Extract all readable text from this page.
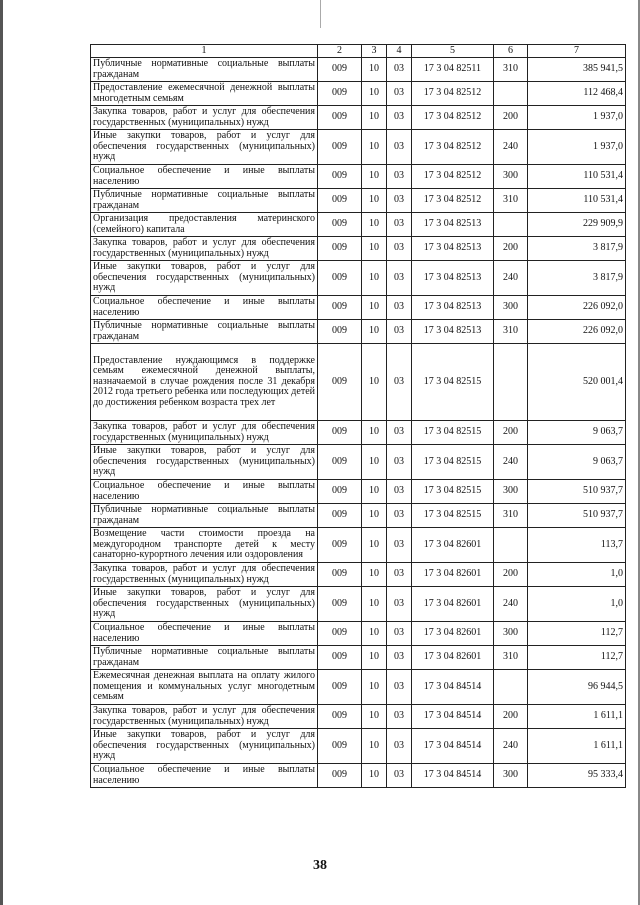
1	2	3	4	5	6	7
Публичные нормативные социальные выплаты гражданам	009	10	03	17 3 04 82511	310	385 941,5
Предоставление ежемесячной денежной выплаты многодетным семьям	009	10	03	17 3 04 82512		112 468,4
Закупка товаров, работ и услуг для обеспечения государственных (муниципальных) нужд	009	10	03	17 3 04 82512	200	1 937,0
Иные закупки товаров, работ и услуг для обеспечения государственных (муниципальных) нужд	009	10	03	17 3 04 82512	240	1 937,0
Социальное обеспечение и иные выплаты населению	009	10	03	17 3 04 82512	300	110 531,4
Публичные нормативные социальные выплаты гражданам	009	10	03	17 3 04 82512	310	110 531,4
Организация предоставления материнского (семейного) капитала	009	10	03	17 3 04 82513		229 909,9
Закупка товаров, работ и услуг для обеспечения государственных (муниципальных) нужд	009	10	03	17 3 04 82513	200	3 817,9
Иные закупки товаров, работ и услуг для обеспечения государственных (муниципальных) нужд	009	10	03	17 3 04 82513	240	3 817,9
Социальное обеспечение и иные выплаты населению	009	10	03	17 3 04 82513	300	226 092,0
Публичные нормативные социальные выплаты гражданам	009	10	03	17 3 04 82513	310	226 092,0
Предоставление нуждающимся в поддержке семьям ежемесячной денежной выплаты, назначаемой в случае рождения после 31 декабря 2012 года третьего ребенка или последующих детей до достижения ребенком возраста трех лет	009	10	03	17 3 04 82515		520 001,4
Закупка товаров, работ и услуг для обеспечения государственных (муниципальных) нужд	009	10	03	17 3 04 82515	200	9 063,7
Иные закупки товаров, работ и услуг для обеспечения государственных (муниципальных) нужд	009	10	03	17 3 04 82515	240	9 063,7
Социальное обеспечение и иные выплаты населению	009	10	03	17 3 04 82515	300	510 937,7
Публичные нормативные социальные выплаты гражданам	009	10	03	17 3 04 82515	310	510 937,7
Возмещение части стоимости проезда на междугородном транспорте детей к месту санаторно-курортного лечения или оздоровления	009	10	03	17 3 04 82601		113,7
Закупка товаров, работ и услуг для обеспечения государственных (муниципальных) нужд	009	10	03	17 3 04 82601	200	1,0
Иные закупки товаров, работ и услуг для обеспечения государственных (муниципальных) нужд	009	10	03	17 3 04 82601	240	1,0
Социальное обеспечение и иные выплаты населению	009	10	03	17 3 04 82601	300	112,7
Публичные нормативные социальные выплаты гражданам	009	10	03	17 3 04 82601	310	112,7
Ежемесячная денежная выплата на оплату жилого помещения и коммунальных услуг многодетным семьям	009	10	03	17 3 04 84514		96 944,5
Закупка товаров, работ и услуг для обеспечения государственных (муниципальных) нужд	009	10	03	17 3 04 84514	200	1 611,1
Иные закупки товаров, работ и услуг для обеспечения государственных (муниципальных) нужд	009	10	03	17 3 04 84514	240	1 611,1
Социальное обеспечение и иные выплаты населению	009	10	03	17 3 04 84514	300	95 333,4
38
